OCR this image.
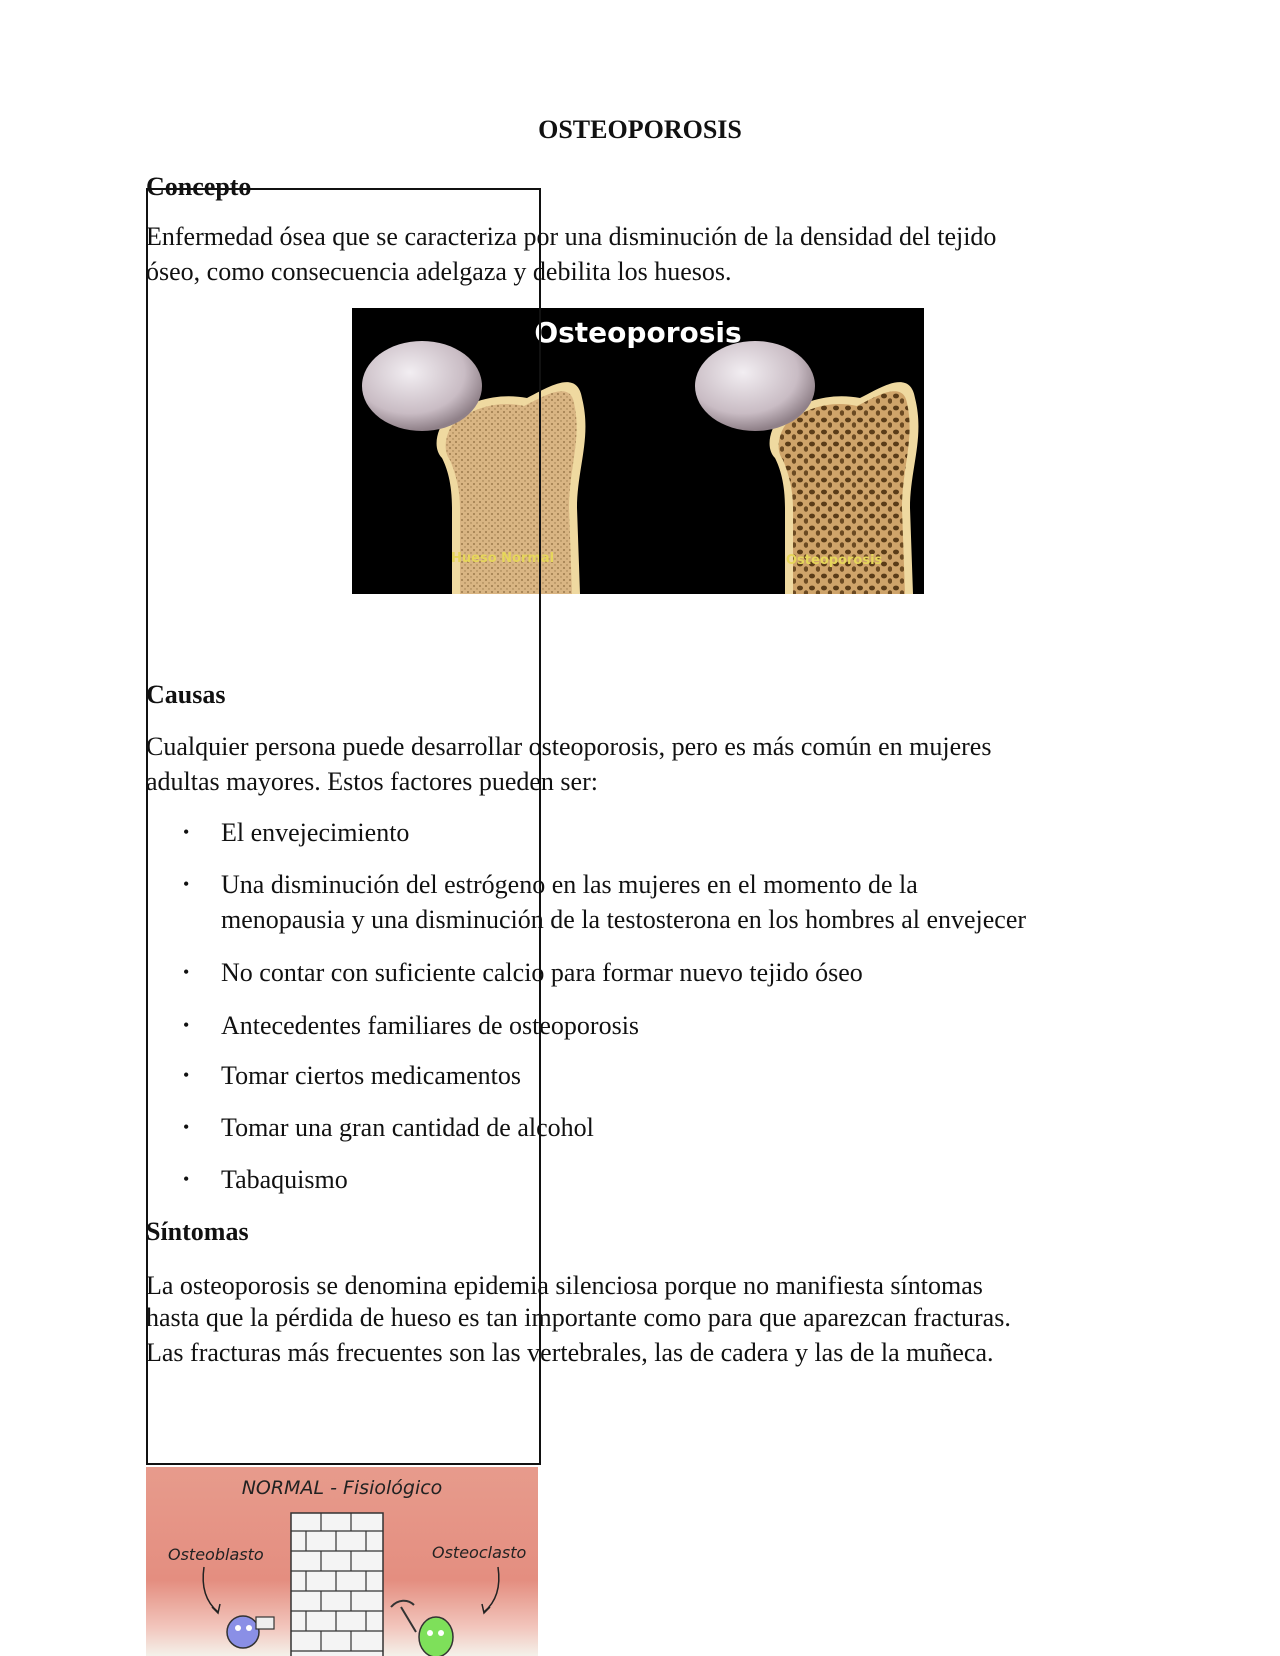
OSTEOPOROSIS
Concepto
Enfermedad ósea que se caracteriza por una disminución de la densidad del tejido
óseo, como consecuencia adelgaza y debilita los huesos.
Osteoporosis
Hueso Normal	Osteoporosis
Causas
Cualquier persona puede desarrollar osteoporosis, pero es más común en mujeres
adultas mayores. Estos factores pueden ser:
• El envejecimiento
• Una disminución del estrógeno en las mujeres en el momento de la
menopausia y una disminución de la testosterona en los hombres al envejecer
• No contar con suficiente calcio para formar nuevo tejido óseo
• Antecedentes familiares de osteoporosis
• Tomar ciertos medicamentos
• Tomar una gran cantidad de alcohol
• Tabaquismo
Síntomas
La osteoporosis se denomina epidemia silenciosa porque no manifiesta síntomas
hasta que la pérdida de hueso es tan importante como para que aparezcan fracturas.
Las fracturas más frecuentes son las vertebrales, las de cadera y las de la muñeca.
NORMAL - Fisiológico
Osteoblasto	Osteoclasto
